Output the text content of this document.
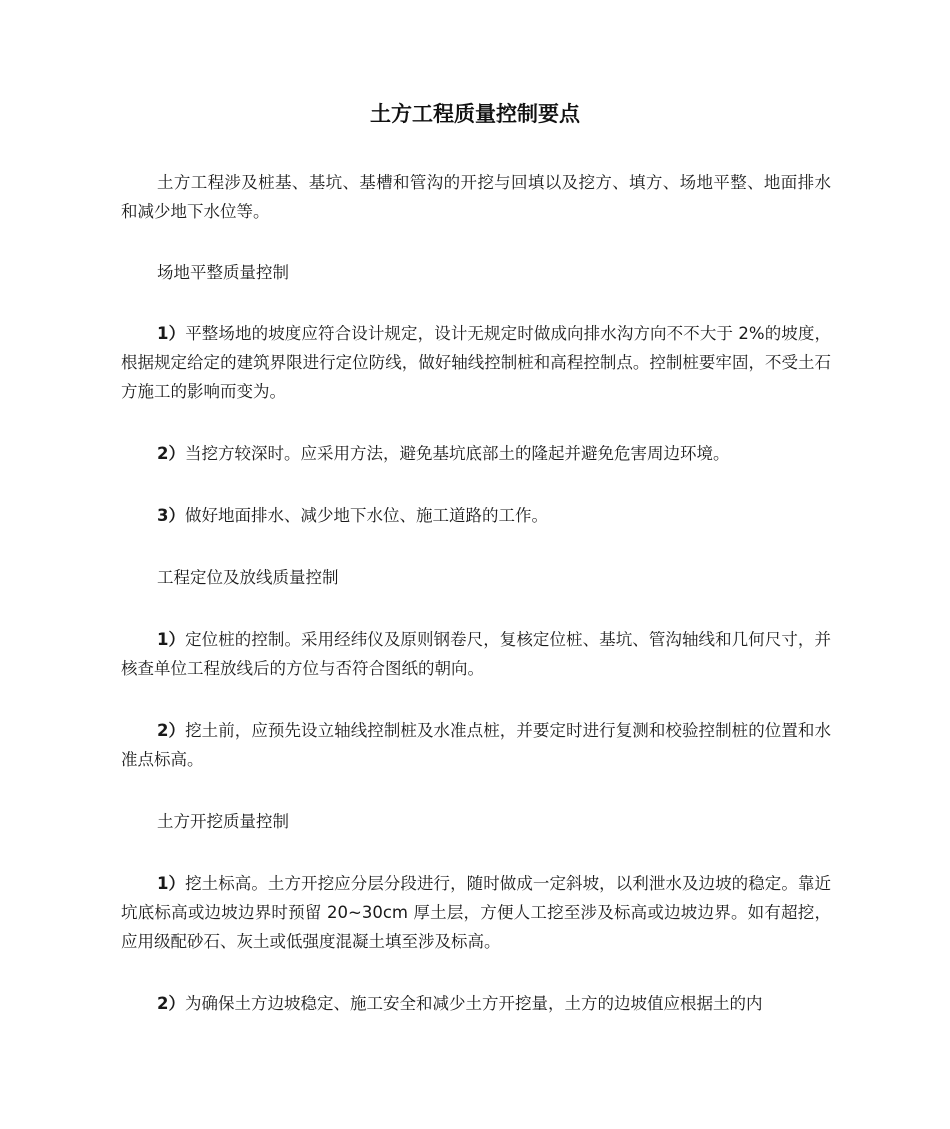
土方工程质量控制要点

土方工程涉及桩基、基坑、基槽和管沟的开挖与回填以及挖方、填方、场地平整、地面排水和减少地下水位等。

场地平整质量控制

1）平整场地的坡度应符合设计规定，设计无规定时做成向排水沟方向不不大于 2%的坡度，根据规定给定的建筑界限进行定位防线，做好轴线控制桩和高程控制点。控制桩要牢固，不受土石方施工的影响而变为。

2）当挖方较深时。应采用方法，避免基坑底部土的隆起并避免危害周边环境。

3）做好地面排水、减少地下水位、施工道路的工作。

工程定位及放线质量控制

1）定位桩的控制。采用经纬仪及原则钢卷尺，复核定位桩、基坑、管沟轴线和几何尺寸，并核查单位工程放线后的方位与否符合图纸的朝向。

2）挖土前，应预先设立轴线控制桩及水准点桩，并要定时进行复测和校验控制桩的位置和水准点标高。

土方开挖质量控制

1）挖土标高。土方开挖应分层分段进行，随时做成一定斜坡，以利泄水及边坡的稳定。靠近坑底标高或边坡边界时预留 20~30cm 厚土层，方便人工挖至涉及标高或边坡边界。如有超挖，应用级配砂石、灰土或低强度混凝土填至涉及标高。

2）为确保土方边坡稳定、施工安全和减少土方开挖量，土方的边坡值应根据土的内
